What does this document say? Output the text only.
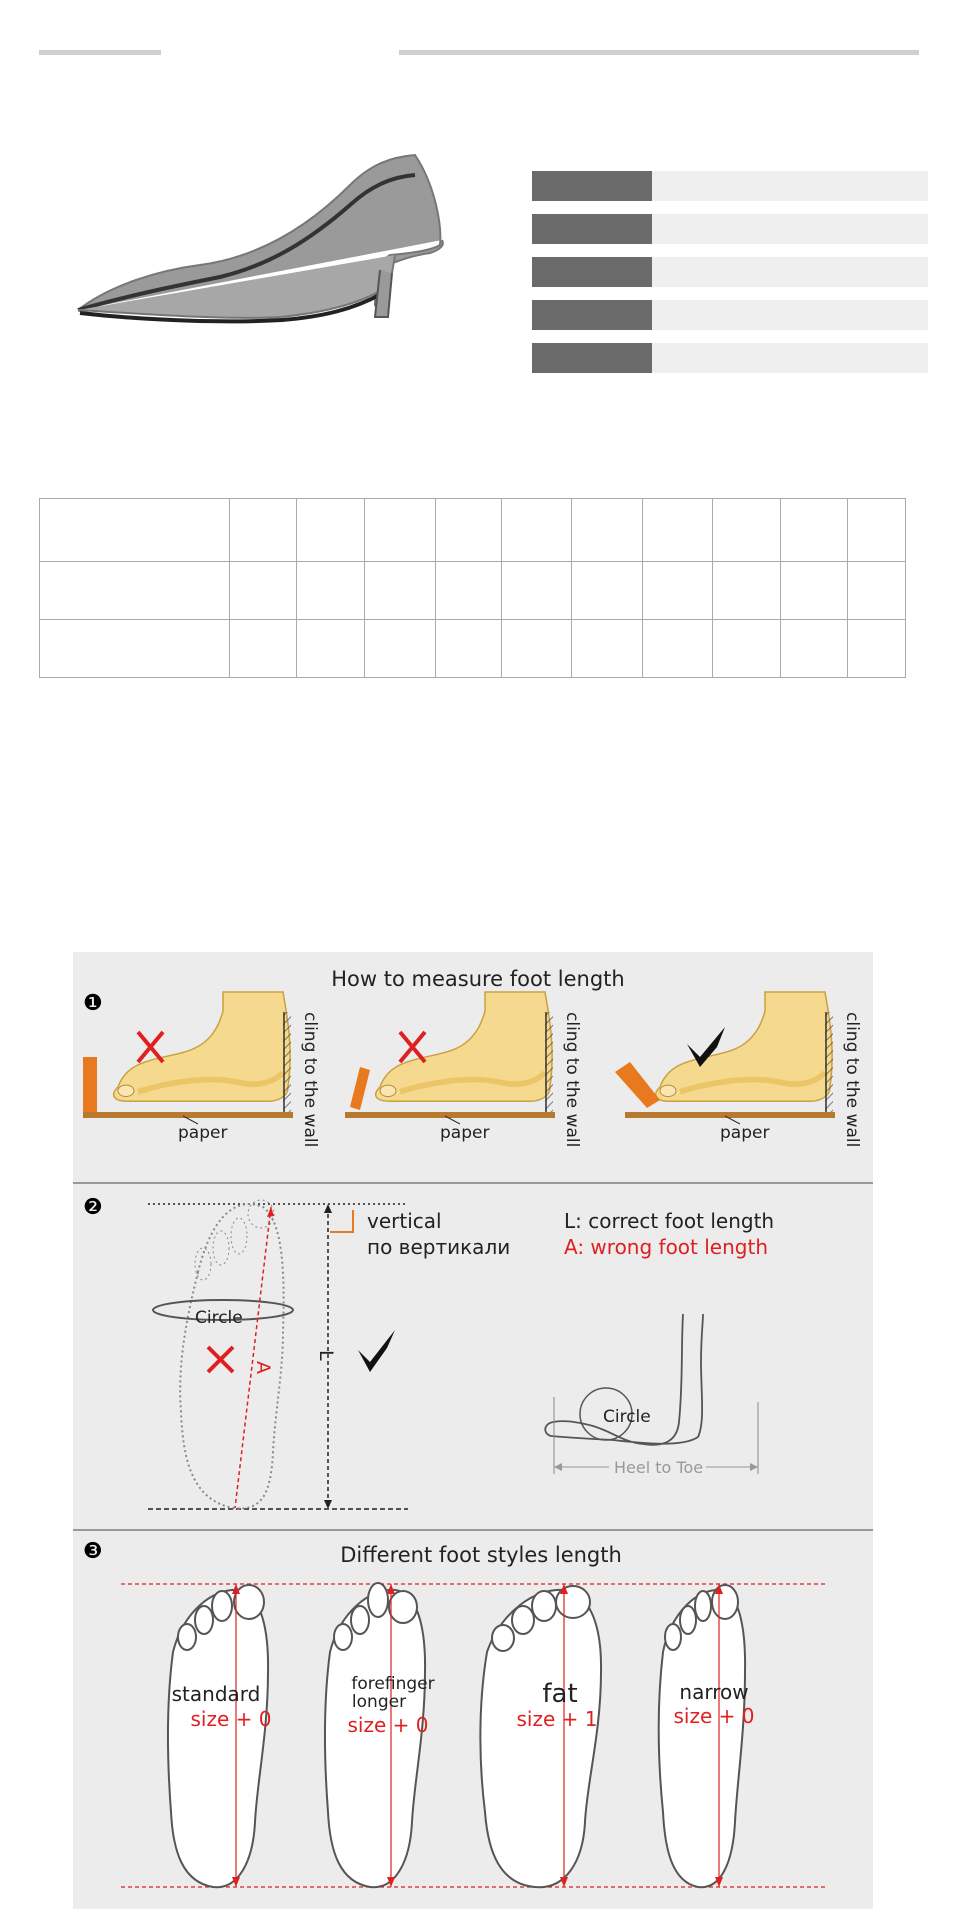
❶
How to measure foot length
paper	cling to the wall	paper	cling to the wall	paper	cling to the wall
❷
Circle
A
L
vertical
по вертикали
L: correct foot length
A: wrong foot length
Circle
Heel to Toe
❸	Different foot styles length
standard
size + 0
forefinger
longer
size + 0
fat
size + 1
narrow
size + 0
